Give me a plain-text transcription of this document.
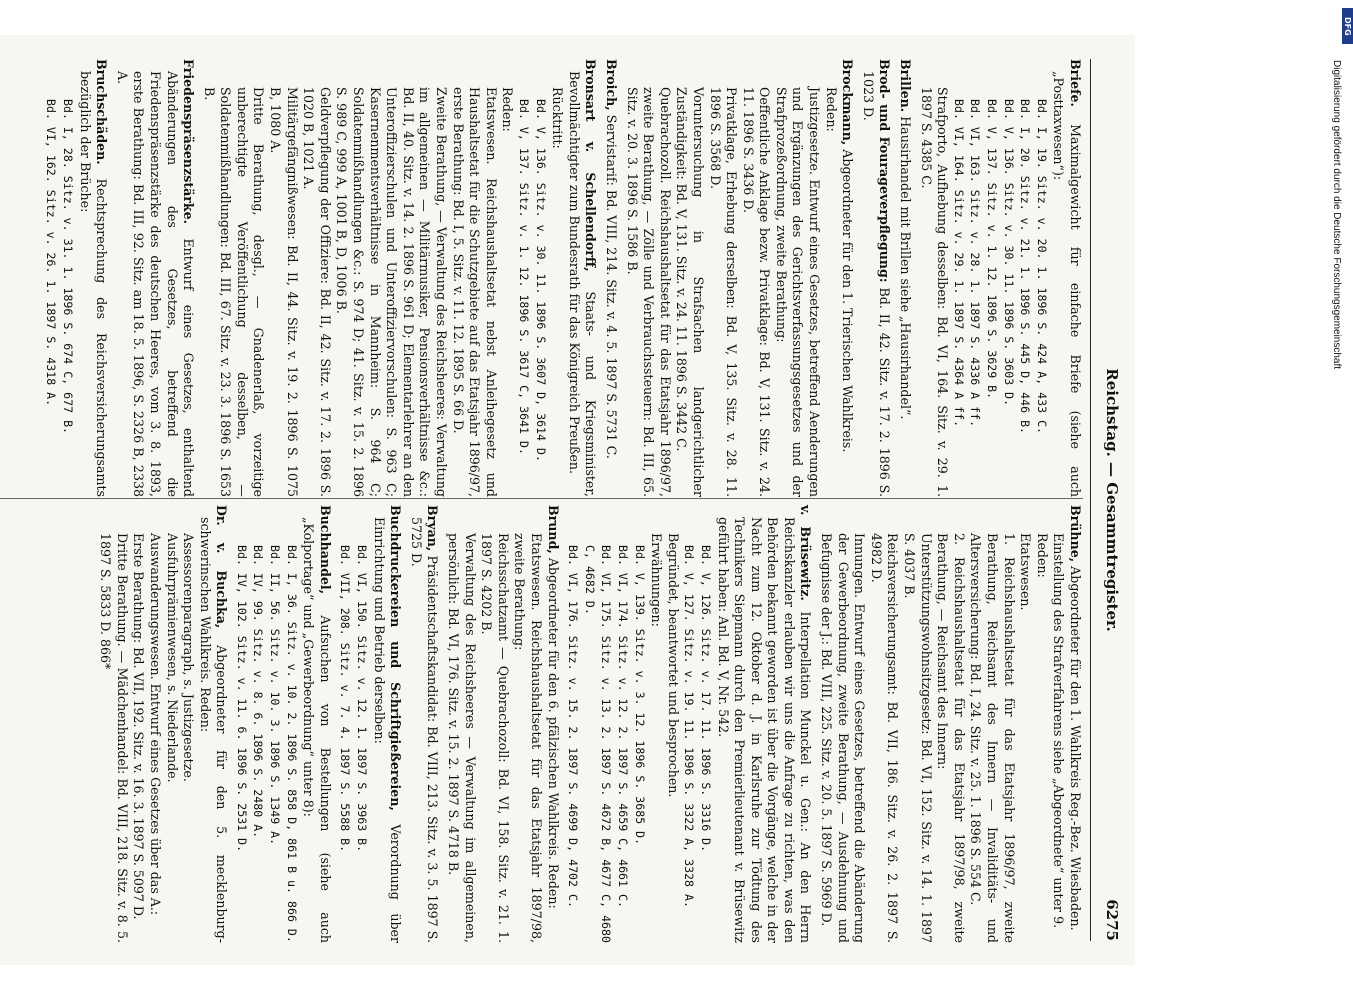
Reichstag. — Gesammtregister.
6275
Briefe. Maximalgewicht für einfache Briefe (siehe auch „Posttaxwesen“):
Bd. I, 19. Sitz. v. 20. 1. 1896 S. 424 A, 433 C.
Bd. I, 20. Sitz. v. 21. 1. 1896 S. 445 D, 446 B.
Bd. V, 136. Sitz. v. 30. 11. 1896 S. 3603 D.
Bd. V, 137. Sitz. v. 1. 12. 1896 S. 3629 B.
Bd. VI, 163. Sitz. v. 28. 1. 1897 S. 4336 A ff.
Bd. VI, 164. Sitz. v. 29. 1. 1897 S. 4364 A ff.
Strafporto, Aufhebung desselben: Bd. VI, 164. Sitz. v. 29. 1. 1897 S. 4385 C.
Brillen. Hausirhandel mit Brillen siehe „Hausirhandel“.
Brod- und Fourageverpflegung: Bd. II, 42. Sitz. v. 17. 2. 1896 S. 1023 D.
Brockmann, Abgeordneter für den 1. Trierischen Wahlkreis.
Reden:
Justizgesetze. Entwurf eines Gesetzes, betreffend Aenderungen und Ergänzungen des Gerichtsverfassungsgesetzes und der Strafprozeßordnung, zweite Berathung:
Oeffentliche Anklage bezw. Privatklage: Bd. V, 131. Sitz. v. 24. 11. 1896 S. 3436 D.
Privatklage, Erhebung derselben: Bd. V, 135. Sitz. v. 28. 11. 1896 S. 3568 D.
Voruntersuchung in Strafsachen landgerichtlicher Zuständigkeit: Bd. V, 131. Sitz. v. 24. 11. 1896 S. 3442 C.
Quebrachozoll. Reichshaushaltsetat für das Etatsjahr 1896/97, zweite Berathung, — Zölle und Verbrauchssteuern: Bd. III, 65. Sitz. v. 20. 3. 1896 S. 1586 B.
Broich, Servistarif: Bd. VIII, 214. Sitz. v. 4. 5. 1897 S. 5731 C.
Bronsart v. Schellendorff, Staats- und Kriegsminister, Bevollmächtigter zum Bundesrath für das Königreich Preußen.
Rücktritt:
Bd. V, 136. Sitz. v. 30. 11. 1896 S. 3607 D, 3614 D.
Bd. V, 137. Sitz. v. 1. 12. 1896 S. 3617 C, 3641 D.
Reden:
Etatswesen. Reichshaushaltsetat nebst Anleihegesetz und Haushaltsetat für die Schutzgebiete auf das Etatsjahr 1896/97, erste Berathung: Bd. I, 5. Sitz. v. 11. 12. 1895 S. 66 D.
Zweite Berathung, — Verwaltung des Reichsheeres: Verwaltung im allgemeinen — Militärmusiker, Pensionsverhältnisse &c.: Bd. II, 40. Sitz. v. 14. 2. 1896 S. 961 D; Elementarlehrer an den Unteroffizierschulen und Unteroffiziervorschulen: S. 963 C; Kasernenmentsverhältnisse in Mannheim: S. 964 C; Soldatenmißhandlungen &c.: S. 974 D; 41. Sitz. v. 15. 2. 1896 S. 989 C, 999 A, 1001 B, D, 1006 B.
Geldverpflegung der Offiziere: Bd. II, 42. Sitz. v. 17. 2. 1896 S. 1020 B, 1021 A.
Militärgefängnißwesen: Bd. II, 44. Sitz. v. 19. 2. 1896 S. 1075 B, 1080 A.
Dritte Berathung, desgl., — Gnadenerlaß, vorzeitige unberechtigte Veröffentlichung desselben, — Soldatenmißhandlungen: Bd. III, 67. Sitz. v. 23. 3. 1896 S. 1653 B.
Friedenspräsenzstärke. Entwurf eines Gesetzes, enthaltend Abänderungen des Gesetzes, betreffend die Friedenspräsenzstärke des deutschen Heeres, vom 3. 8. 1893, erste Berathung: Bd. III, 92. Sitz. am 18. 5. 1896, S. 2326 B, 2338 A.
Bruchschäden. Rechtsprechung des Reichsversicherungsamts bezüglich der Brüche:
Bd. I, 28. Sitz. v. 31. 1. 1896 S. 674 C, 677 B.
Bd. VI, 162. Sitz. v. 26. 1. 1897 S. 4318 A.
Brühne, Abgeordneter für den 1. Wahlkreis Reg.-Bez. Wiesbaden.
Einstellung des Strafverfahrens siehe „Abgeordnete“ unter 9.
Reden:
Etatswesen.
1. Reichshaushaltsetat für das Etatsjahr 1896/97, zweite Berathung, Reichsamt des Innern — Invaliditäts- und Altersversicherung: Bd. I, 24. Sitz. v. 25. 1. 1896 S. 554 C.
2. Reichshaushaltsetat für das Etatsjahr 1897/98, zweite Berathung, — Reichsamt des Innern:
Unterstützungswohnsitzgesetz: Bd. VI, 152. Sitz. v. 14. 1. 1897 S. 4037 B.
Reichsversicherungsamt: Bd. VII, 186. Sitz. v. 26. 2. 1897 S. 4982 D.
Innungen. Entwurf eines Gesetzes, betreffend die Abänderung der Gewerbeordnung, zweite Berathung, — Ausdehnung und Befugnisse der J.: Bd. VIII, 225. Sitz. v. 20. 5. 1897 S. 5969 D.
v. Brüsewitz. Interpellation Munckel u. Gen.: An den Herrn Reichskanzler erlauben wir uns die Anfrage zu richten, was den Behörden bekannt geworden ist über die Vorgänge, welche in der Nacht zum 12. Oktober d. J. in Karlsruhe zur Tödtung des Technikers Siepmann durch den Premierlieutenant v. Brüsewitz geführt haben: Anl. Bd. V, Nr. 542.
Bd. V, 126. Sitz. v. 17. 11. 1896 S. 3316 D.
Bd. V, 127. Sitz. v. 19. 11. 1896 S. 3322 A, 3328 A.
Begründet, beantwortet und besprochen.
Erwähnungen:
Bd. V, 139. Sitz. v. 3. 12. 1896 S. 3685 D.
Bd. VI, 174. Sitz. v. 12. 2. 1897 S. 4659 C, 4661 C.
Bd. VI, 175. Sitz. v. 13. 2. 1897 S. 4672 B, 4677 C, 4680 C, 4682 D.
Bd. VI, 176. Sitz. v. 15. 2. 1897 S. 4699 D, 4702 C.
Brund, Abgeordneter für den 6. pfälzischen Wahlkreis. Reden:
Etatswesen. Reichshaushaltsetat für das Etatsjahr 1897/98, zweite Berathung:
Reichsschatzamt — Quebrachozoll: Bd. VI, 158. Sitz. v. 21. 1. 1897 S. 4202 B.
Verwaltung des Reichsheeres — Verwaltung im allgemeinen, persönlich: Bd. VI, 176. Sitz. v. 15. 2. 1897 S. 4718 B.
Bryan, Präsidentschaftskandidat: Bd. VIII, 213. Sitz. v. 3. 5. 1897 S. 5725 D.
Buchdruckereien und Schriftgießereien, Verordnung über Einrichtung und Betrieb derselben:
Bd. VI, 150. Sitz. v. 12. 1. 1897 S. 3963 B.
Bd. VII, 208. Sitz. v. 7. 4. 1897 S. 5588 B.
Buchhandel, Aufsuchen von Bestellungen (siehe auch „Kolportage“ und „Gewerbeordnung“ unter 8):
Bd. I, 36. Sitz. v. 10. 2. 1896 S. 858 D, 861 B u. 866 D.
Bd. II, 56. Sitz. v. 10. 3. 1896 S. 1349 A.
Bd. IV, 99. Sitz. v. 8. 6. 1896 S. 2480 A.
Bd. IV, 102. Sitz. v. 11. 6. 1896 S. 2531 D.
Dr. v. Buchka, Abgeordneter für den 5. mecklenburg-schwerinschen Wahlkreis. Reden:
Assessorenparagraph, s. Justizgesetze.
Ausfuhrprämienwesen, s. Niederlande.
Auswanderungswesen. Entwurf eines Gesetzes über das A.:
Erste Berathung: Bd. VII, 192. Sitz. v. 16. 3. 1897 S. 5097 D.
Dritte Berathung. — Mädchenhandel: Bd. VIII, 218. Sitz. v. 8. 5. 1897 S. 5833 D. 866*
DFG
Digitalisierung gefördert durch die Deutsche Forschungsgemeinschaft
